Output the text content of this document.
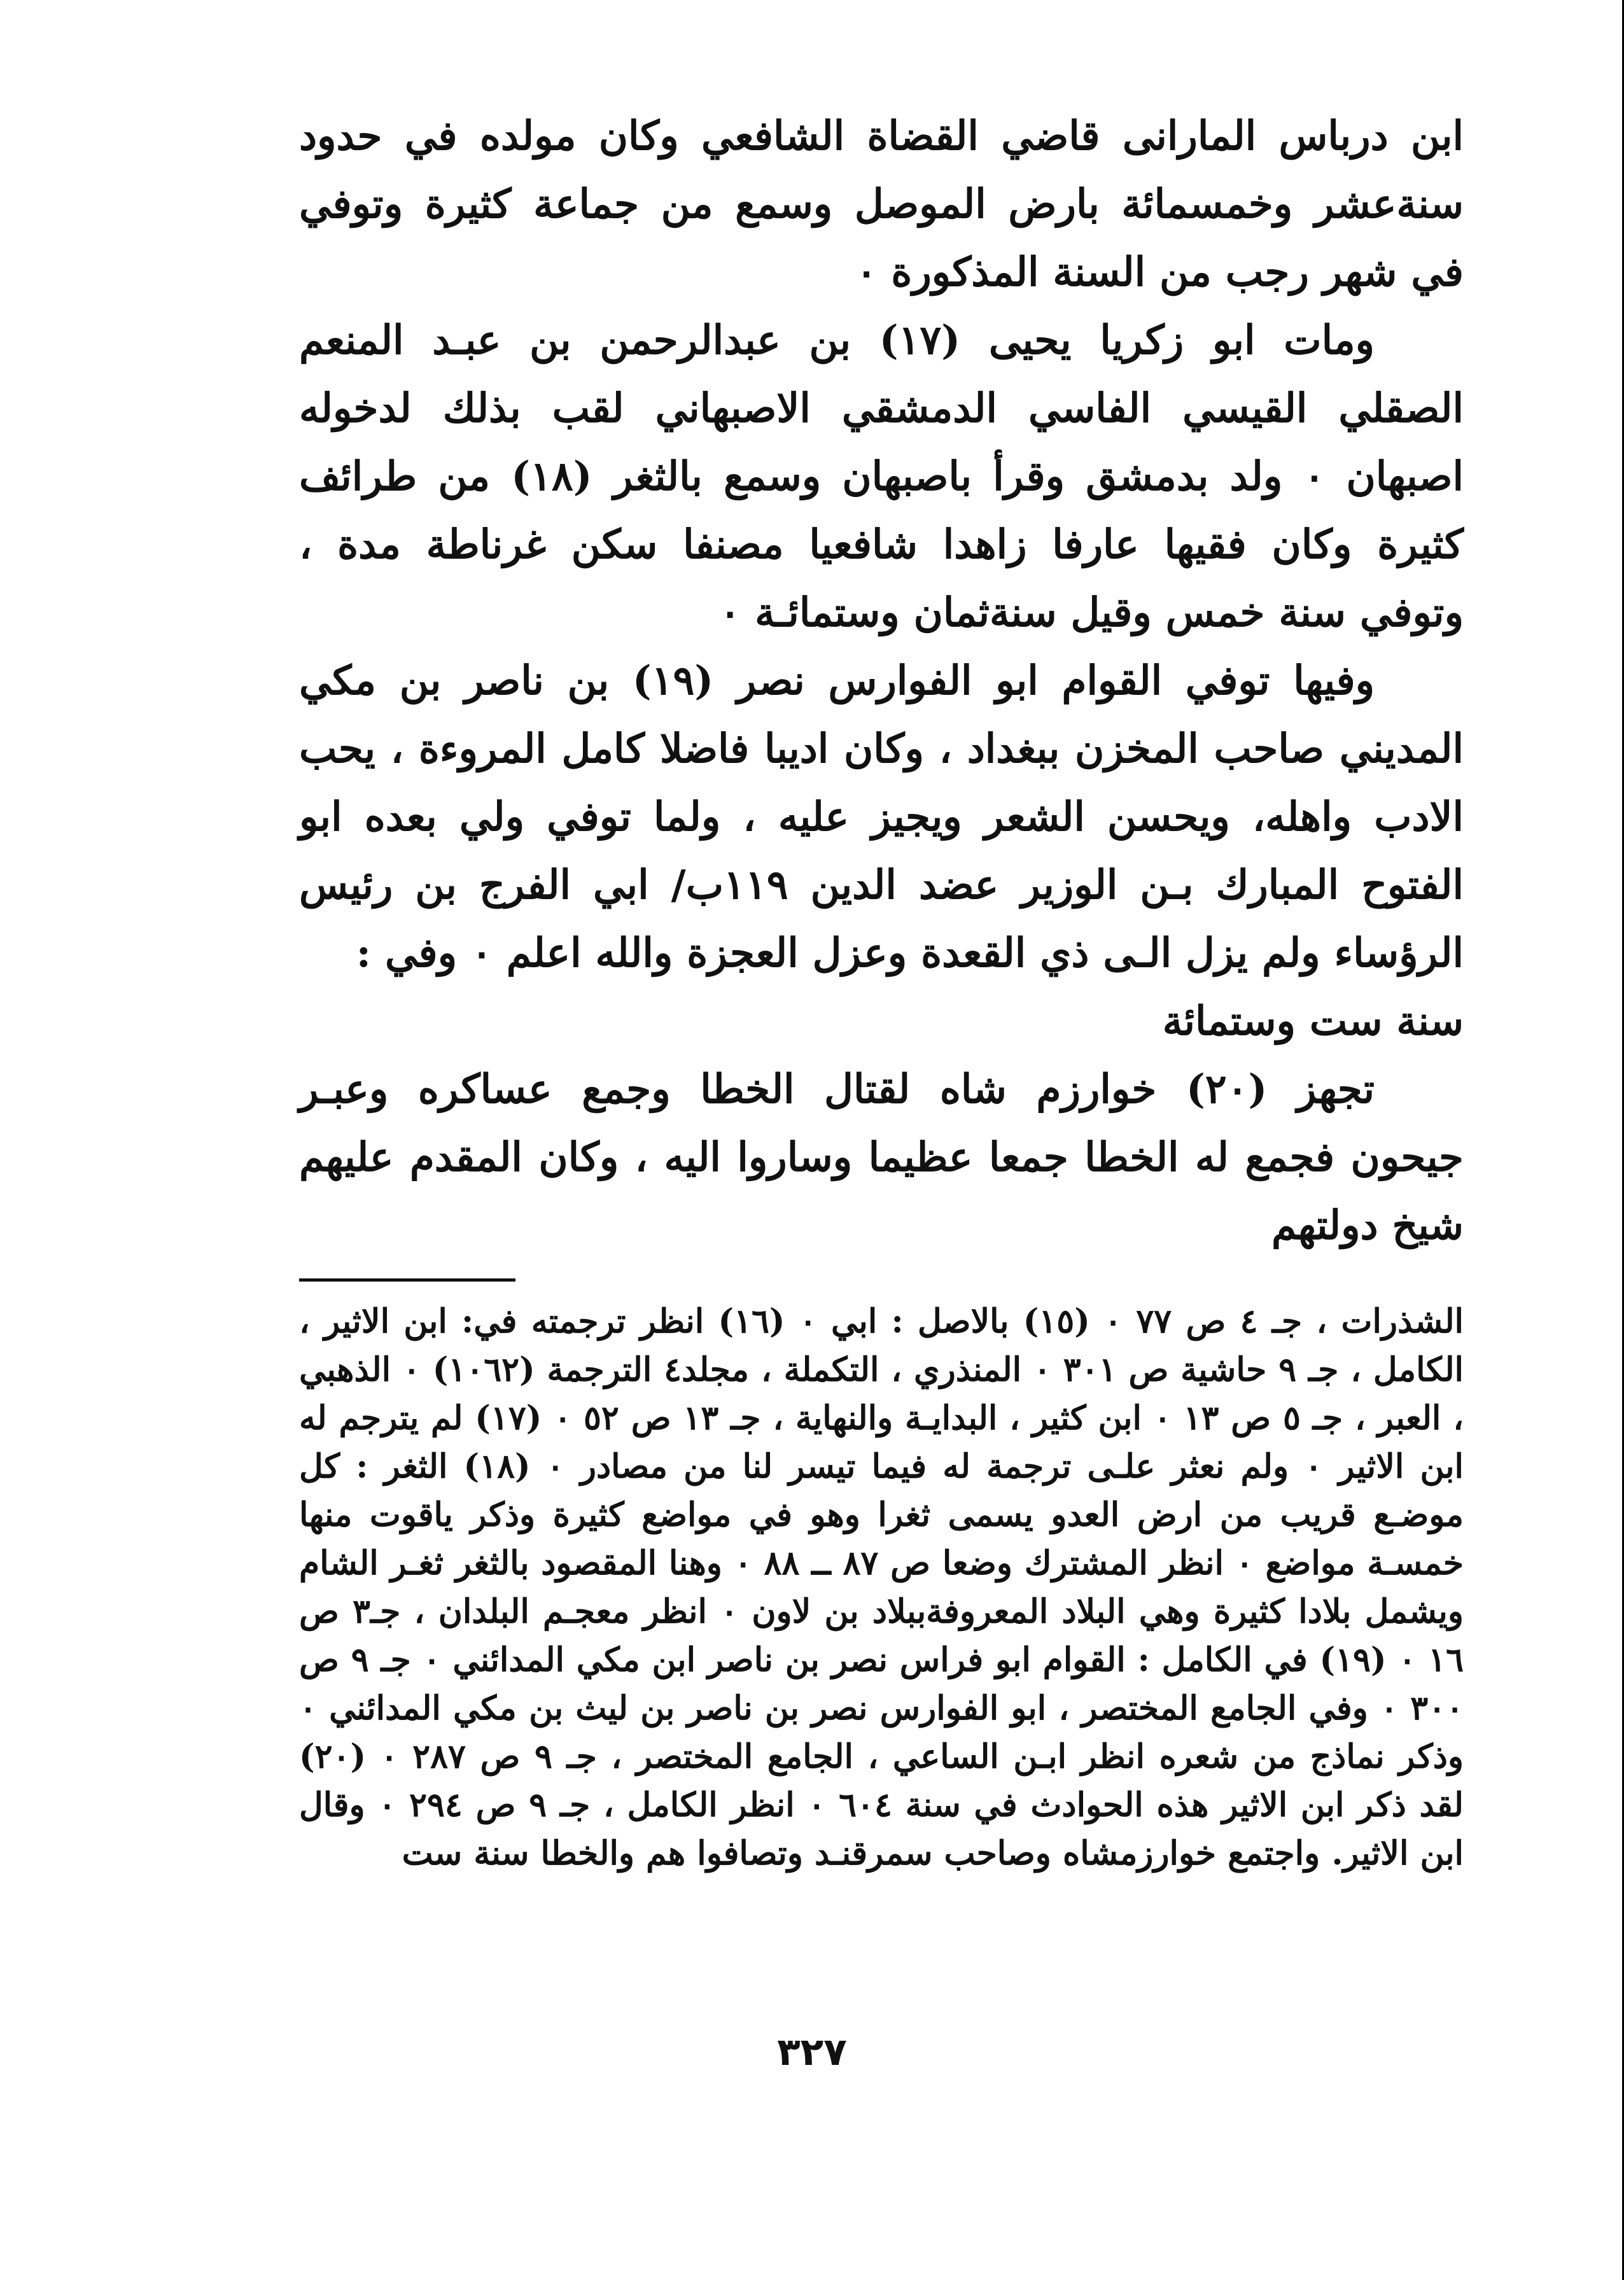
ابن درباس المارانى قاضي القضاة الشافعي وكان مولده في حدود سنةعشر وخمسمائة بارض الموصل وسمع من جماعة كثيرة وتوفي في شهر رجب من السنة المذكورة ٠

ومات ابو زكريا يحيى (١٧) بن عبدالرحمن بن عبـد المنعم الصقلي القيسي الفاسي الدمشقي الاصبهاني لقب بذلك لدخوله اصبهان ٠ ولد بدمشق وقرأ باصبهان وسمع بالثغر (١٨) من طرائف كثيرة وكان فقيها عارفا زاهدا شافعيا مصنفا سكن غرناطة مدة ، وتوفي سنة خمس وقيل سنةثمان وستمائـة ٠

وفيها توفي القوام ابو الفوارس نصر (١٩) بن ناصر بن مكي المديني صاحب المخزن ببغداد ، وكان اديبا فاضلا كامل المروءة ، يحب الادب واهله، ويحسن الشعر ويجيز عليه ، ولما توفي ولي بعده ابو الفتوح المبارك بـن الوزير عضد الدين ١١٩ب/ ابي الفرج بن رئيس الرؤساء ولم يزل الـى ذي القعدة وعزل العجزة والله اعلم ٠ وفي :

سنة ست وستمائة

تجهز (٢٠) خوارزم شاه لقتال الخطا وجمع عساكره وعبـر جيحون فجمع له الخطا جمعا عظيما وساروا اليه ، وكان المقدم عليهم شيخ دولتهم

الشذرات ، جـ ٤ ص ٧٧ ٠ (١٥) بالاصل : ابي ٠ (١٦) انظر ترجمته في: ابن الاثير ، الكامل ، جـ ٩ حاشية ص ٣٠١ ٠ المنذري ، التكملة ، مجلد٤ الترجمة (١٠٦٢) ٠ الذهبي ، العبر ، جـ ٥ ص ١٣ ٠ ابن كثير ، البدايـة والنهاية ، جـ ١٣ ص ٥٢ ٠ (١٧) لم يترجم له ابن الاثير ٠ ولم نعثر علـى ترجمة له فيما تيسر لنا من مصادر ٠ (١٨) الثغر : كل موضـع قريب من ارض العدو يسمى ثغرا وهو في مواضع كثيرة وذكر ياقوت منها خمسـة مواضع ٠ انظر المشترك وضعا ص ٨٧ ــ ٨٨ ٠ وهنا المقصود بالثغر ثغـر الشام ويشمل بلادا كثيرة وهي البلاد المعروفةببلاد بن لاون ٠ انظر معجـم البلدان ، جـ٣ ص ١٦ ٠ (١٩) في الكامل : القوام ابو فراس نصر بن ناصر ابن مكي المدائني ٠ جـ ٩ ص ٣٠٠ ٠ وفي الجامع المختصر ، ابو الفوارس نصر بن ناصر بن ليث بن مكي المدائني ٠ وذكر نماذج من شعره انظر ابـن الساعي ، الجامع المختصر ، جـ ٩ ص ٢٨٧ ٠ (٢٠) لقد ذكر ابن الاثير هذه الحوادث في سنة ٦٠٤ ٠ انظر الكامل ، جـ ٩ ص ٢٩٤ ٠ وقال ابن الاثير. واجتمع خوارزمشاه وصاحب سمرقنـد وتصافوا هم والخطا سنة ست

٣٢٧
